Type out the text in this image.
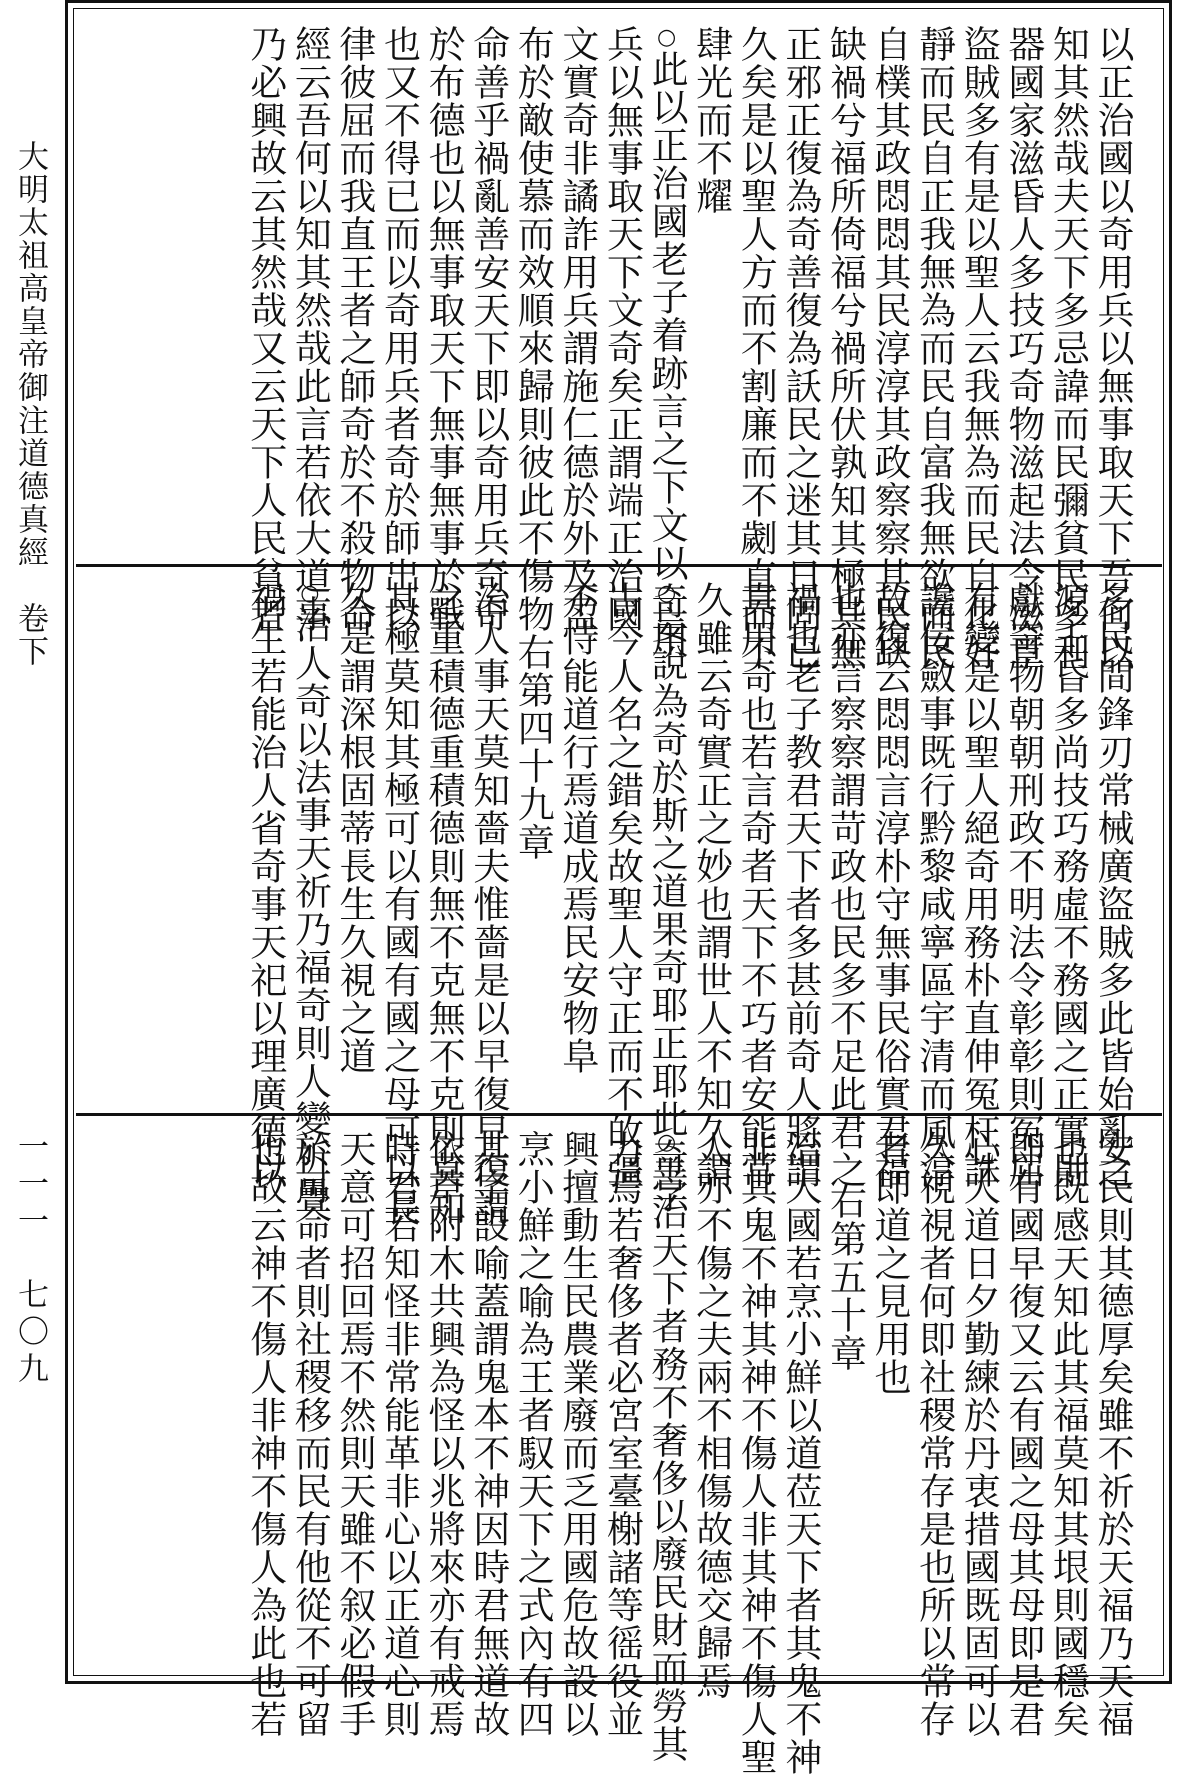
大明太祖高皇帝御注道德真經　卷下
一一一　七〇九
以正治國以奇用兵以無事取天下吾何以
知其然哉夫天下多忌諱而民彌貧民多利
器國家滋昏人多技巧奇物滋起法令滋章
盜賊多有是以聖人云我無為而民自化好
靜而民自正我無為而民自富我無欲而民
自樸其政悶悶其民淳淳其政察察其民缺
缺禍兮福所倚福兮禍所伏孰知其極其無
正邪正復為奇善復為訞民之迷其日固已
久矣是以聖人方而不割廉而不劌直而不
肆光而不耀
○ 此以正治國老子着跡言之下文以奇用
兵以無事取天下文奇矣正謂端正治國
文實奇非譎詐用兵謂施仁德於外及盈
布於敵使慕而效順來歸則彼此不傷物
命善乎禍亂善安天下即以奇用兵奇奇
於布德也以無事取天下無事無事於戰
也又不得已而以奇用兵者奇於師出以
律彼屈而我直王者之師奇於不殺物命
經云吾何以知其然哉此言若依大道事
乃必興故云其然哉又云天下人民貧者
多民間鋒刃常械廣盜賊多此皆始亂之
源王昏多尚技巧務虛不務國之正實則
獻奇物朝朝刑政不明法令彰彰則冤屈
有變是以聖人絕奇用務朴直伸冤枉誅
讒佞斂事既行黔黎咸寧區宇清而風淳
故復云悶悶言淳朴守無事民俗實君福
也亦言察察謂苛政也民多不足此君之
禍也老子教君天下者多甚前奇人將謂
真用奇也若言奇者天下不巧者安能常
久雖云奇實正之妙也謂世人不知久謂
○ 妄說為奇於斯之道果奇耶正耶此奇字
古今人名之錯矣故聖人守正而不敀彊
不恃能道行焉道成焉民安物阜
右第四十九章
治人事天莫知嗇夫惟嗇是以早復早復謂
之重積德重積德則無不克無不克則莫知
其極莫知其極可以有國有國之母可以長
久是謂深根固蒂長生久視之道
○ 治人奇以法事天祈乃福奇則人變祈疊
禍生若能治人省奇事天祀以理廣德以
安民則其德厚矣雖不祈於天福乃天福
也既感天知此其福莫知其垠則國穩矣
即有國早復又云有國之母其母即是君
心大道日夕勤練於丹衷措國既固可以
久視視者何即社稷常存是也所以常存
者即道之見用也
右第五十章
治大國若烹小鮮以道莅天下者其鬼不神
非其鬼不神其神不傷人非其神不傷人聖
人亦不傷之夫兩不相傷故德交歸焉
○ 善治天下者務不奢侈以廢民財而勞其
力焉若奢侈者必宮室臺榭諸等徭役並
興擅動生民農業廢而乏用國危故設以
烹小鮮之喻為王者馭天下之式內有四
其字設喻蓋謂鬼本不神因時君無道故
依草附木共興為怪以兆將來亦有戒焉
時君若知怪非常能革非心以正道心則
天意可招回焉不然則天雖不叙必假手
於可命者則社稷移而民有他從不可留
也故云神不傷人非神不傷人為此也若
